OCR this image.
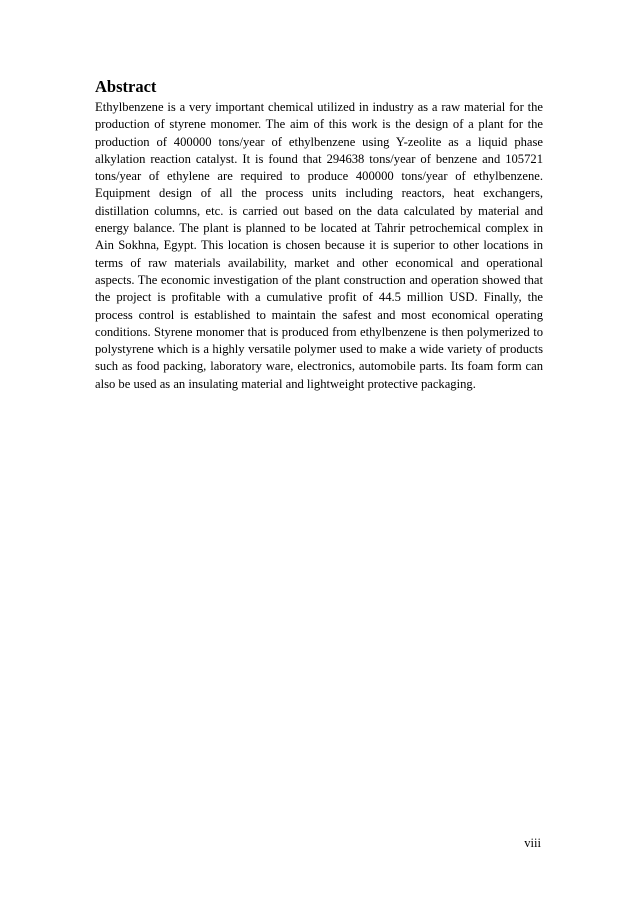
Abstract

Ethylbenzene is a very important chemical utilized in industry as a raw material for the production of styrene monomer. The aim of this work is the design of a plant for the production of 400000 tons/year of ethylbenzene using Y-zeolite as a liquid phase alkylation reaction catalyst. It is found that 294638 tons/year of benzene and 105721 tons/year of ethylene are required to produce 400000 tons/year of ethylbenzene. Equipment design of all the process units including reactors, heat exchangers, distillation columns, etc. is carried out based on the data calculated by material and energy balance. The plant is planned to be located at Tahrir petrochemical complex in Ain Sokhna, Egypt. This location is chosen because it is superior to other locations in terms of raw materials availability, market and other economical and operational aspects. The economic investigation of the plant construction and operation showed that the project is profitable with a cumulative profit of 44.5 million USD. Finally, the process control is established to maintain the safest and most economical operating conditions. Styrene monomer that is produced from ethylbenzene is then polymerized to polystyrene which is a highly versatile polymer used to make a wide variety of products such as food packing, laboratory ware, electronics, automobile parts. Its foam form can also be used as an insulating material and lightweight protective packaging.

viii
